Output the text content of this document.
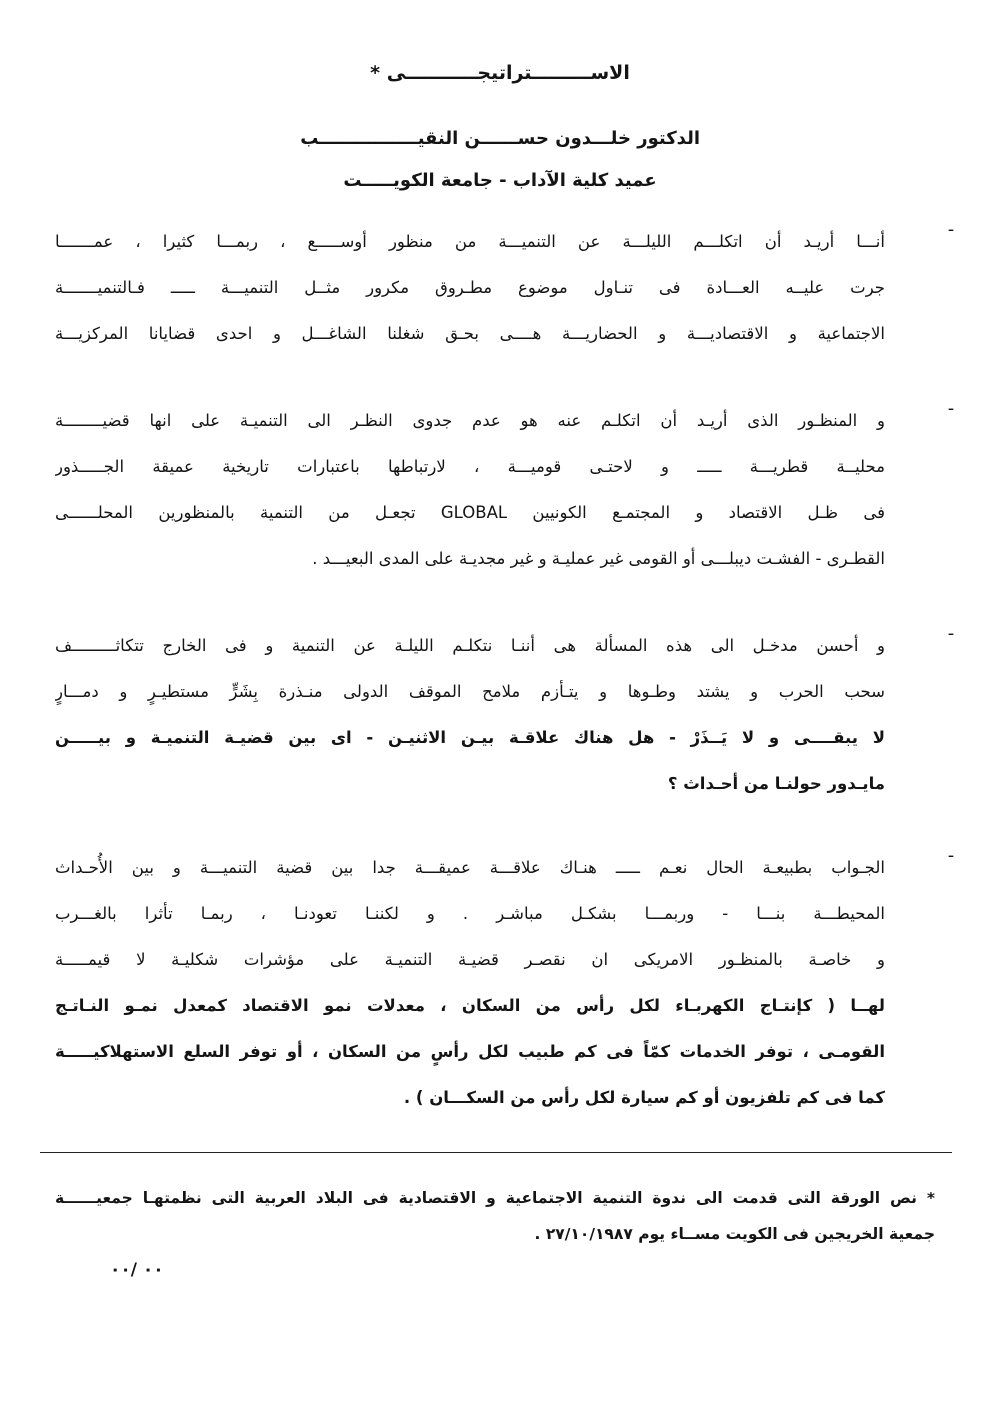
الاســـــــــتراتيجـــــــــــى *
الدكتور خلـــدون حســــــن النقيــــــــــــــــب
عميد كلية الآداب - جامعة الكويـــــت
-
أنـــا أريـد أن اتكلـــم الليلـــة عن التنميـــة من منظور أوســـــع ، ربمـــا كثيرا ، عمـــــــا
جرت عليــه العـــادة فى تنـاول موضوع مطـروق مكرور مثــل التنميـــة ـــــ فـالتنميـــــــة
الاجتماعية و الاقتصاديـــة و الحضاريـــة هــــى بحـق شغلنا الشاغـــل و احدى قضايانا المركزيـــة
-
و المنظـور الذى أريـد أن اتكلـم عنه هو عدم جدوى النظـر الى التنميـة على انها قضيــــــــة
محليــة قطريـــة ـــــ و لاحتـى قوميـــة ، لارتباطها باعتبارات تاريخية عميقة الجـــــذور
فى ظـل الاقتصاد و المجتمـع الكونيين GLOBAL تجعـل من التنمية بالمنظورين المحلــــــى
القطـرى - الفشـت ديبلـــى أو القومى غير عمليـة و غير مجديـة على المدى البعيـــد .
-
و أحسن مدخـل الى هذه المسألة هى أننـا نتكلـم الليلـة عن التنمية و فى الخارج تتكاثـــــــــف
سحب الحرب و يشتد وطـوها و يتـأزم ملامح الموقف الدولى منـذرة بِشَرٍّ مستطيـرٍ و دمـــارٍ
لا يبقــــى و لا يَــذَرْ - هل هناك علاقـة بيـن الاثنيـن - اى بين قضيـة التنميـة و بيـــــن
مايـدور حولنـا من أحـداث ؟
-
الجـواب بطبيعـة الحال نعـم ـــــ هنـاك علاقـــة عميقـــة جدا بين قضية التنميـــة و بين الأُحـداث
المحيطـــة بنـــا - وربمـــا بشكـل مباشـر . و لكننـا تعودنـا ، ربمـا تأثرا بالغـــرب
و خاصـة بالمنظـور الامريكى ان نقصـر قضيـة التنميـة على مؤشرات شكليـة لا قيمـــــة
لهــا ( كإنتـاج الكهربـاء لكل رأس من السكان ، معدلات نمو الاقتصاد كمعدل نمـو النـاتـج
القومـى ، توفر الخدمات كمّاً فى كم طبيب لكل رأسٍ من السكان ، أو توفر السلع الاستهلاكيـــــة
كما فى كم تلفزيون أو كم سيارة لكل رأس من السكـــان ) .
* نص الورقة التى قدمت الى ندوة التنمية الاجتماعية و الاقتصادية فى البلاد العربية التى نظمتهـا جمعيــــــة
جمعية الخريجين فى الكويت مســاء يوم ٢٧/١٠/١٩٨٧ .
٠٠ /٠٠
